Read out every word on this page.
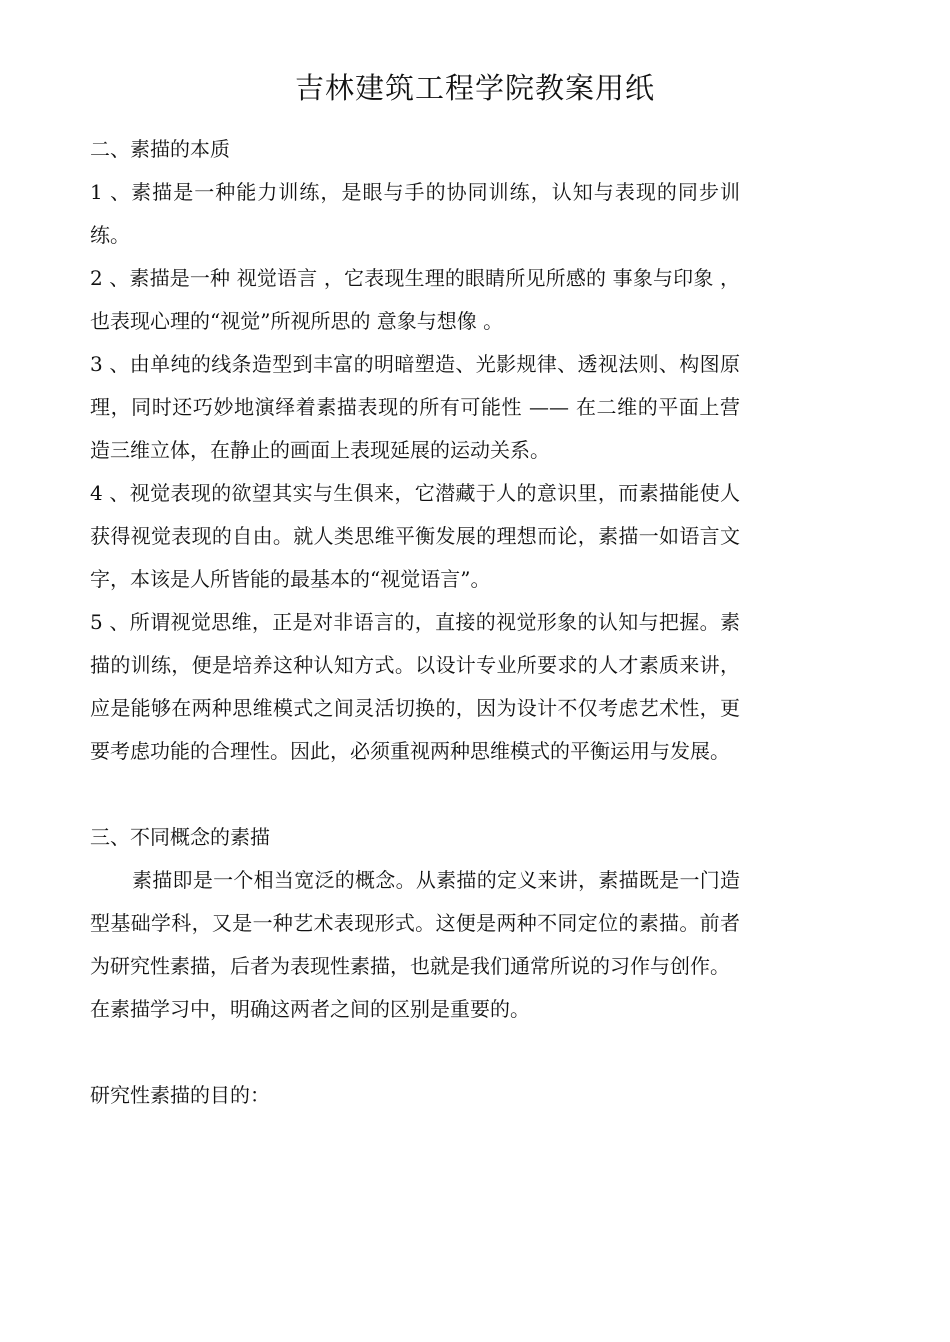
吉林建筑工程学院教案用纸

二、素描的本质

1 、素描是一种能力训练，是眼与手的协同训练，认知与表现的同步训练。

2 、素描是一种 视觉语言 ，它表现生理的眼睛所见所感的 事象与印象 ， 也表现心理的“视觉”所视所思的 意象与想像 。

3 、由单纯的线条造型到丰富的明暗塑造、光影规律、透视法则、构图原理，同时还巧妙地演绎着素描表现的所有可能性 —— 在二维的平面上营造三维立体，在静止的画面上表现延展的运动关系。

4 、视觉表现的欲望其实与生俱来，它潜藏于人的意识里，而素描能使人获得视觉表现的自由。就人类思维平衡发展的理想而论，素描一如语言文字，本该是人所皆能的最基本的“视觉语言”。

5 、所谓视觉思维，正是对非语言的，直接的视觉形象的认知与把握。素描的训练，便是培养这种认知方式。以设计专业所要求的人才素质来讲，应是能够在两种思维模式之间灵活切换的，因为设计不仅考虑艺术性，更要考虑功能的合理性。因此，必须重视两种思维模式的平衡运用与发展。

三、不同概念的素描

素描即是一个相当宽泛的概念。从素描的定义来讲，素描既是一门造型基础学科，又是一种艺术表现形式。这便是两种不同定位的素描。前者为研究性素描，后者为表现性素描，也就是我们通常所说的习作与创作。

在素描学习中，明确这两者之间的区别是重要的。

研究性素描的目的：
